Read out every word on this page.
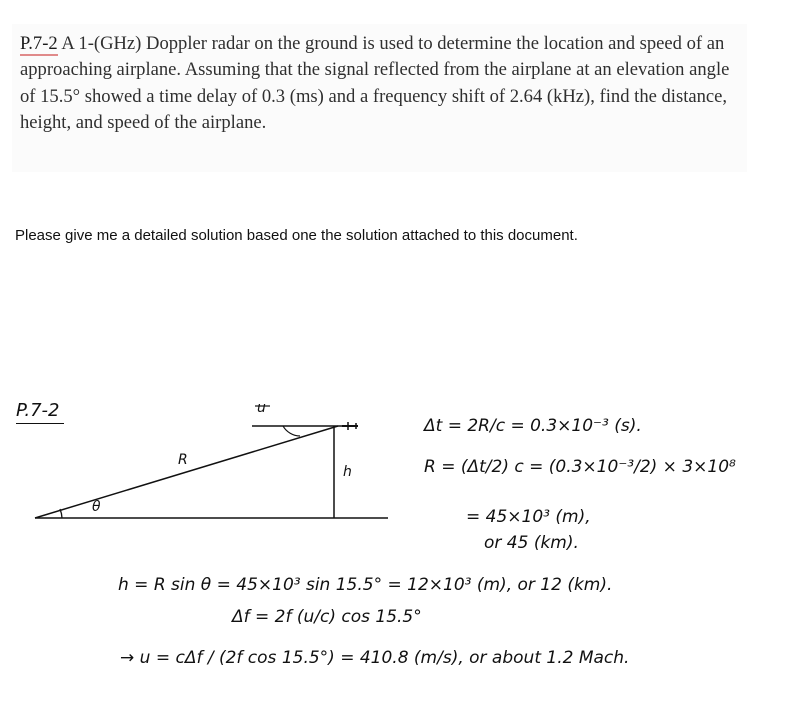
P.7-2 A 1-(GHz) Doppler radar on the ground is used to determine the location and speed of an approaching airplane. Assuming that the signal reflected from the airplane at an elevation angle of 15.5° showed a time delay of 0.3 (ms) and a frequency shift of 2.64 (kHz), find the distance, height, and speed of the airplane.
Please give me a detailed solution based one the solution attached to this document.
P.7-2	u
R
h
θ
Δt = 2R/c = 0.3×10⁻³ (s).
R = (Δt/2) c = (0.3×10⁻³/2) × 3×10⁸
= 45×10³ (m),
or 45 (km).
h = R sin θ = 45×10³ sin 15.5° = 12×10³ (m), or 12 (km).
Δf = 2f (u/c) cos 15.5°
→ u = cΔf / (2f cos 15.5°) = 410.8 (m/s), or about 1.2 Mach.
